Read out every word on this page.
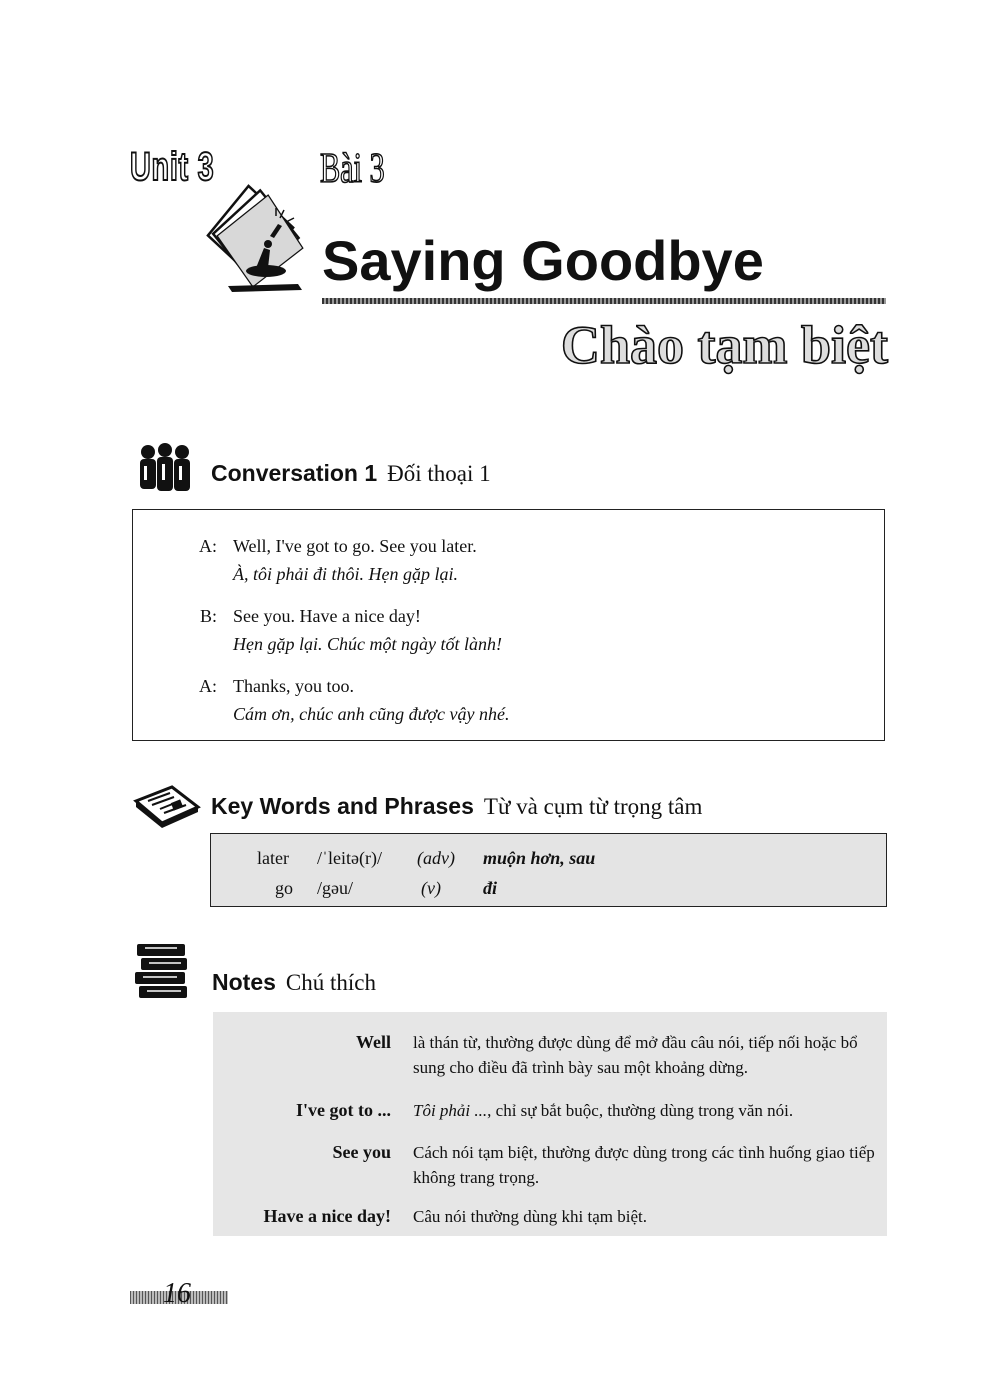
Unit 3	Bài 3
Saying Goodbye
Chào tạm biệt
Conversation 1 Đối thoại 1
A: Well, I've got to go. See you later.
À, tôi phải đi thôi. Hẹn gặp lại.
B: See you. Have a nice day!
Hẹn gặp lại. Chúc một ngày tốt lành!
A: Thanks, you too.
Cám ơn, chúc anh cũng được vậy nhé.
Key Words and Phrases Từ và cụm từ trọng tâm
later /ˈleitə(r)/ (adv) muộn hơn, sau
go /gəu/	(v) đi
Notes Chú thích
Well là thán từ, thường được dùng để mở đầu câu nói, tiếp nối hoặc bổ sung cho điều đã trình bày sau một khoảng dừng.
I've got to ... Tôi phải ..., chỉ sự bắt buộc, thường dùng trong văn nói.
See you Cách nói tạm biệt, thường được dùng trong các tình huống giao tiếp không trang trọng.
Have a nice day! Câu nói thường dùng khi tạm biệt.
16
